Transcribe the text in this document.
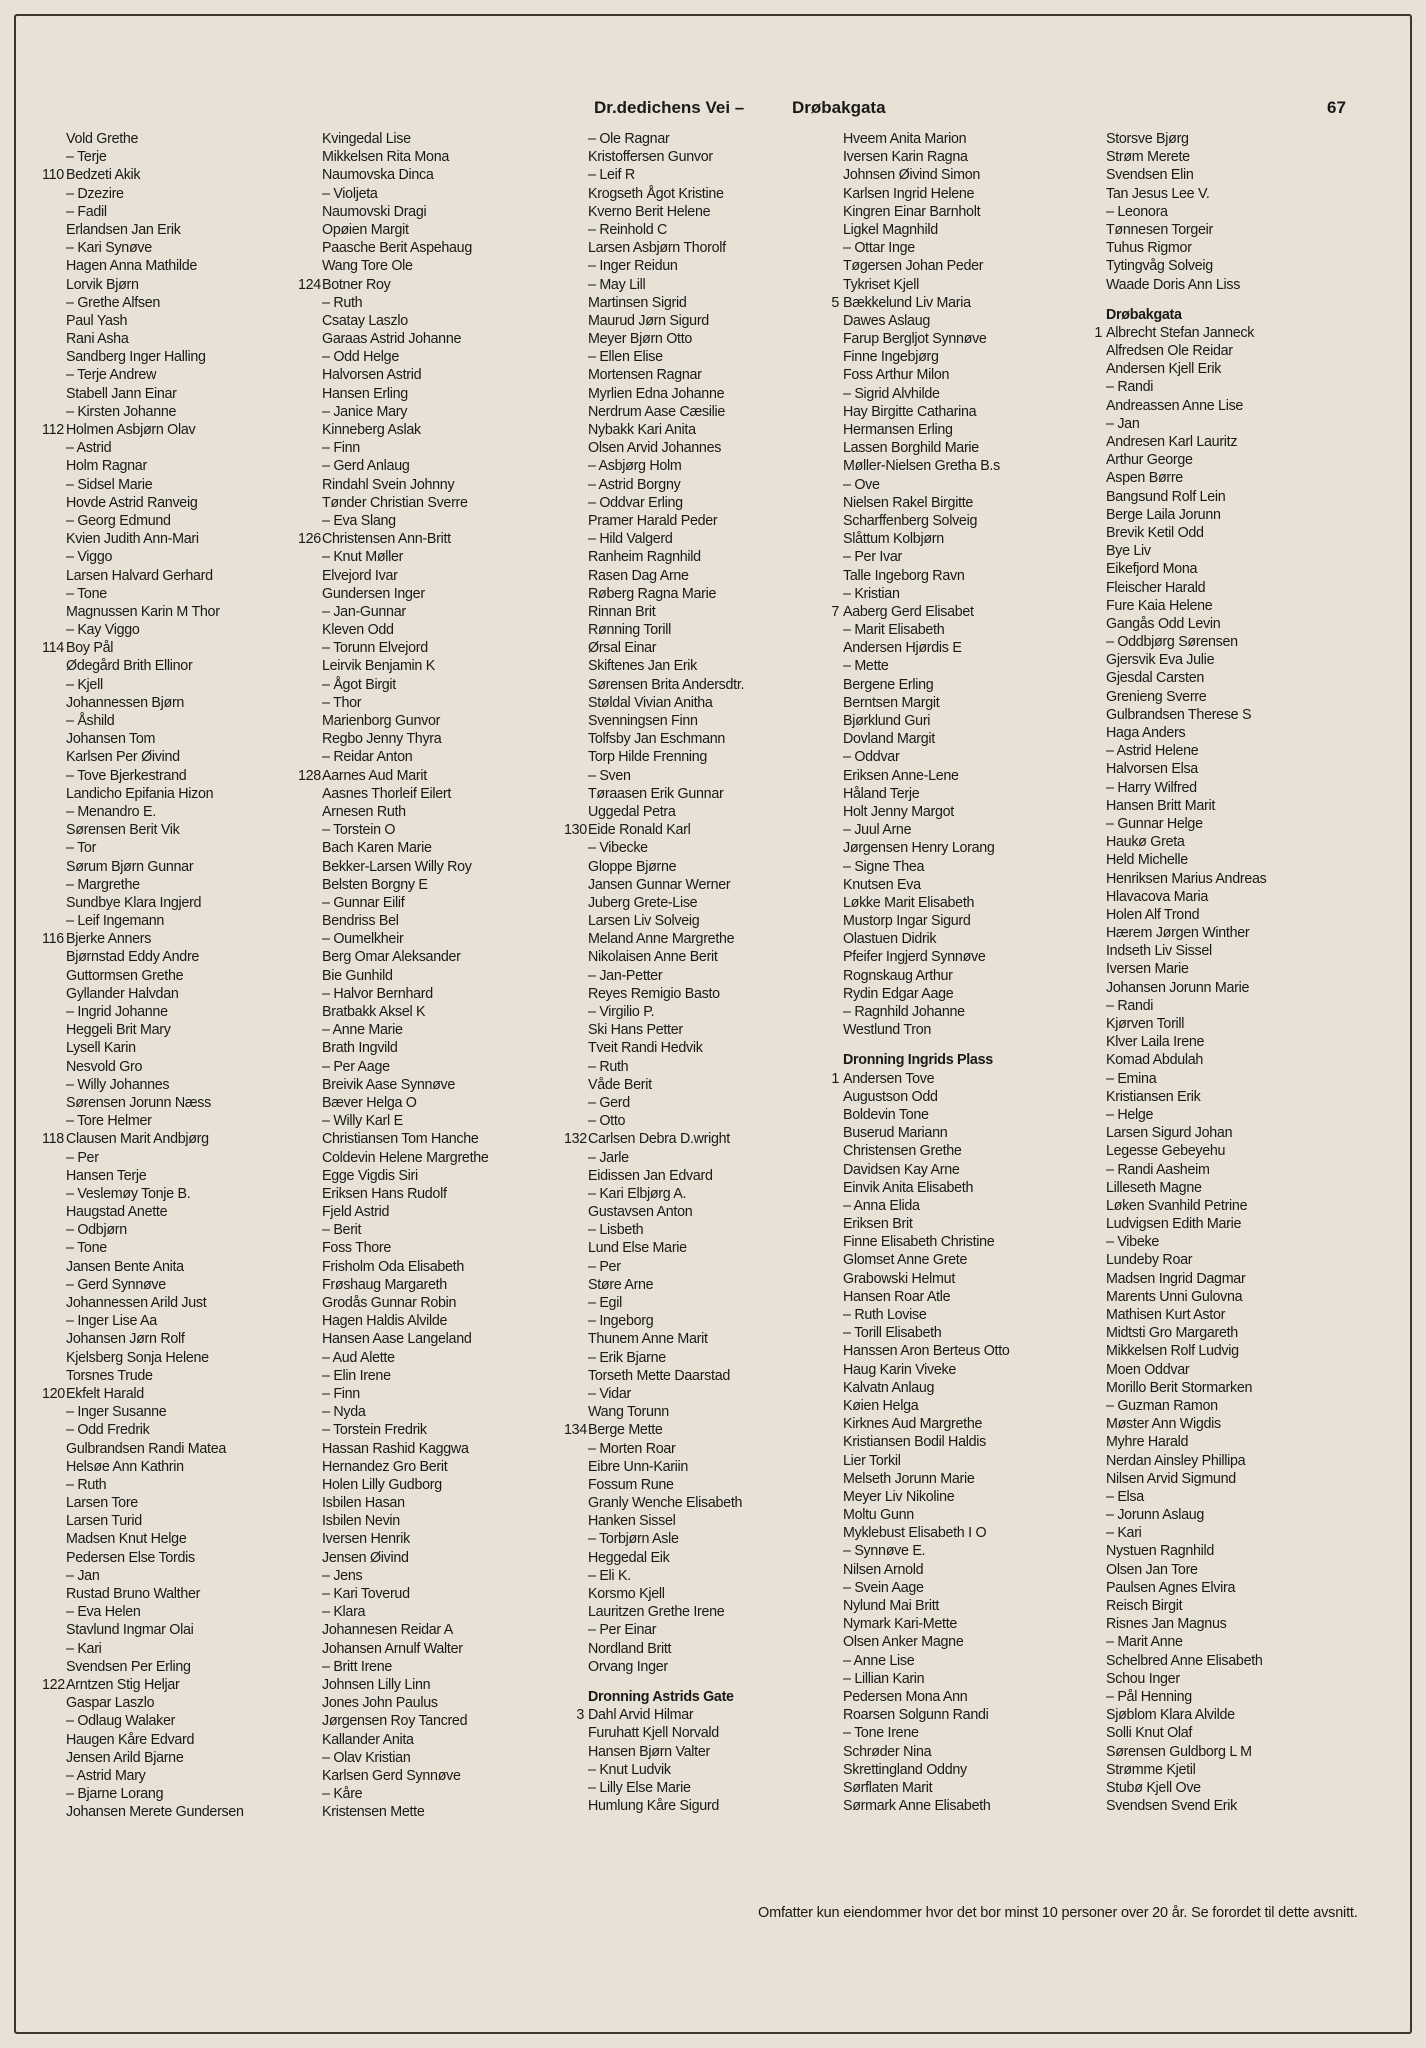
Dr.dedichens Vei –	Drøbakgata	67
Vold Grethe
– Terje
110 Bedzeti Akik
– Dzezire
– Fadil
Erlandsen Jan Erik
– Kari Synøve
Hagen Anna Mathilde
Lorvik Bjørn
– Grethe Alfsen
Paul Yash
Rani Asha
Sandberg Inger Halling
– Terje Andrew
Stabell Jann Einar
– Kirsten Johanne
112 Holmen Asbjørn Olav
– Astrid
Holm Ragnar
– Sidsel Marie
Hovde Astrid Ranveig
– Georg Edmund
Kvien Judith Ann-Mari
– Viggo
Larsen Halvard Gerhard
– Tone
Magnussen Karin M Thor
– Kay Viggo
114 Boy Pål
Ødegård Brith Ellinor
– Kjell
Johannessen Bjørn
– Åshild
Johansen Tom
Karlsen Per Øivind
– Tove Bjerkestrand
Landicho Epifania Hizon
– Menandro E.
Sørensen Berit Vik
– Tor
Sørum Bjørn Gunnar
– Margrethe
Sundbye Klara Ingjerd
– Leif Ingemann
116 Bjerke Anners
Bjørnstad Eddy Andre
Guttormsen Grethe
Gyllander Halvdan
– Ingrid Johanne
Heggeli Brit Mary
Lysell Karin
Nesvold Gro
– Willy Johannes
Sørensen Jorunn Næss
– Tore Helmer
118 Clausen Marit Andbjørg
– Per
Hansen Terje
– Veslemøy Tonje B.
Haugstad Anette
– Odbjørn
– Tone
Jansen Bente Anita
– Gerd Synnøve
Johannessen Arild Just
– Inger Lise Aa
Johansen Jørn Rolf
Kjelsberg Sonja Helene
Torsnes Trude
120 Ekfelt Harald
– Inger Susanne
– Odd Fredrik
Gulbrandsen Randi Matea
Helsøe Ann Kathrin
– Ruth
Larsen Tore
Larsen Turid
Madsen Knut Helge
Pedersen Else Tordis
– Jan
Rustad Bruno Walther
– Eva Helen
Stavlund Ingmar Olai
– Kari
Svendsen Per Erling
122 Arntzen Stig Heljar
Gaspar Laszlo
– Odlaug Walaker
Haugen Kåre Edvard
Jensen Arild Bjarne
– Astrid Mary
– Bjarne Lorang
Johansen Merete Gundersen
Kvingedal Lise
Mikkelsen Rita Mona
Naumovska Dinca
– Violjeta
Naumovski Dragi
Opøien Margit
Paasche Berit Aspehaug
Wang Tore Ole
124 Botner Roy
– Ruth
Csatay Laszlo
Garaas Astrid Johanne
– Odd Helge
Halvorsen Astrid
Hansen Erling
– Janice Mary
Kinneberg Aslak
– Finn
– Gerd Anlaug
Rindahl Svein Johnny
Tønder Christian Sverre
– Eva Slang
126 Christensen Ann-Britt
– Knut Møller
Elvejord Ivar
Gundersen Inger
– Jan-Gunnar
Kleven Odd
– Torunn Elvejord
Leirvik Benjamin K
– Ågot Birgit
– Thor
Marienborg Gunvor
Regbo Jenny Thyra
– Reidar Anton
128 Aarnes Aud Marit
Aasnes Thorleif Eilert
Arnesen Ruth
– Torstein O
Bach Karen Marie
Bekker-Larsen Willy Roy
Belsten Borgny E
– Gunnar Eilif
Bendriss Bel
– Oumelkheir
Berg Omar Aleksander
Bie Gunhild
– Halvor Bernhard
Bratbakk Aksel K
– Anne Marie
Brath Ingvild
– Per Aage
Breivik Aase Synnøve
Bæver Helga O
– Willy Karl E
Christiansen Tom Hanche
Coldevin Helene Margrethe
Egge Vigdis Siri
Eriksen Hans Rudolf
Fjeld Astrid
– Berit
Foss Thore
Frisholm Oda Elisabeth
Frøshaug Margareth
Grodås Gunnar Robin
Hagen Haldis Alvilde
Hansen Aase Langeland
– Aud Alette
– Elin Irene
– Finn
– Nyda
– Torstein Fredrik
Hassan Rashid Kaggwa
Hernandez Gro Berit
Holen Lilly Gudborg
Isbilen Hasan
Isbilen Nevin
Iversen Henrik
Jensen Øivind
– Jens
– Kari Toverud
– Klara
Johannesen Reidar A
Johansen Arnulf Walter
– Britt Irene
Johnsen Lilly Linn
Jones John Paulus
Jørgensen Roy Tancred
Kallander Anita
– Olav Kristian
Karlsen Gerd Synnøve
– Kåre
Kristensen Mette
– Ole Ragnar
Kristoffersen Gunvor
– Leif R
Krogseth Ågot Kristine
Kverno Berit Helene
– Reinhold C
Larsen Asbjørn Thorolf
– Inger Reidun
– May Lill
Martinsen Sigrid
Maurud Jørn Sigurd
Meyer Bjørn Otto
– Ellen Elise
Mortensen Ragnar
Myrlien Edna Johanne
Nerdrum Aase Cæsilie
Nybakk Kari Anita
Olsen Arvid Johannes
– Asbjørg Holm
– Astrid Borgny
– Oddvar Erling
Pramer Harald Peder
– Hild Valgerd
Ranheim Ragnhild
Rasen Dag Arne
Røberg Ragna Marie
Rinnan Brit
Rønning Torill
Ørsal Einar
Skiftenes Jan Erik
Sørensen Brita Andersdtr.
Støldal Vivian Anitha
Svenningsen Finn
Tolfsby Jan Eschmann
Torp Hilde Frenning
– Sven
Tøraasen Erik Gunnar
Uggedal Petra
130 Eide Ronald Karl
– Vibecke
Gloppe Bjørne
Jansen Gunnar Werner
Juberg Grete-Lise
Larsen Liv Solveig
Meland Anne Margrethe
Nikolaisen Anne Berit
– Jan-Petter
Reyes Remigio Basto
– Virgilio P.
Ski Hans Petter
Tveit Randi Hedvik
– Ruth
Våde Berit
– Gerd
– Otto
132 Carlsen Debra D.wright
– Jarle
Eidissen Jan Edvard
– Kari Elbjørg A.
Gustavsen Anton
– Lisbeth
Lund Else Marie
– Per
Støre Arne
– Egil
– Ingeborg
Thunem Anne Marit
– Erik Bjarne
Torseth Mette Daarstad
– Vidar
Wang Torunn
134 Berge Mette
– Morten Roar
Eibre Unn-Kariin
Fossum Rune
Granly Wenche Elisabeth
Hanken Sissel
– Torbjørn Asle
Heggedal Eik
– Eli K.
Korsmo Kjell
Lauritzen Grethe Irene
– Per Einar
Nordland Britt
Orvang Inger
Dronning Astrids Gate
3 Dahl Arvid Hilmar
Furuhatt Kjell Norvald
Hansen Bjørn Valter
– Knut Ludvik
– Lilly Else Marie
Humlung Kåre Sigurd
Hveem Anita Marion
Iversen Karin Ragna
Johnsen Øivind Simon
Karlsen Ingrid Helene
Kingren Einar Barnholt
Ligkel Magnhild
– Ottar Inge
Tøgersen Johan Peder
Tykriset Kjell
5 Bækkelund Liv Maria
Dawes Aslaug
Farup Bergljot Synnøve
Finne Ingebjørg
Foss Arthur Milon
– Sigrid Alvhilde
Hay Birgitte Catharina
Hermansen Erling
Lassen Borghild Marie
Møller-Nielsen Gretha B.s
– Ove
Nielsen Rakel Birgitte
Scharffenberg Solveig
Slåttum Kolbjørn
– Per Ivar
Talle Ingeborg Ravn
– Kristian
7 Aaberg Gerd Elisabet
– Marit Elisabeth
Andersen Hjørdis E
– Mette
Bergene Erling
Berntsen Margit
Bjørklund Guri
Dovland Margit
– Oddvar
Eriksen Anne-Lene
Håland Terje
Holt Jenny Margot
– Juul Arne
Jørgensen Henry Lorang
– Signe Thea
Knutsen Eva
Løkke Marit Elisabeth
Mustorp Ingar Sigurd
Olastuen Didrik
Pfeifer Ingjerd Synnøve
Rognskaug Arthur
Rydin Edgar Aage
– Ragnhild Johanne
Westlund Tron
Dronning Ingrids Plass
1 Andersen Tove
Augustson Odd
Boldevin Tone
Buserud Mariann
Christensen Grethe
Davidsen Kay Arne
Einvik Anita Elisabeth
– Anna Elida
Eriksen Brit
Finne Elisabeth Christine
Glomset Anne Grete
Grabowski Helmut
Hansen Roar Atle
– Ruth Lovise
– Torill Elisabeth
Hanssen Aron Berteus Otto
Haug Karin Viveke
Kalvatn Anlaug
Køien Helga
Kirknes Aud Margrethe
Kristiansen Bodil Haldis
Lier Torkil
Melseth Jorunn Marie
Meyer Liv Nikoline
Moltu Gunn
Myklebust Elisabeth I O
– Synnøve E.
Nilsen Arnold
– Svein Aage
Nylund Mai Britt
Nymark Kari-Mette
Olsen Anker Magne
– Anne Lise
– Lillian Karin
Pedersen Mona Ann
Roarsen Solgunn Randi
– Tone Irene
Schrøder Nina
Skrettingland Oddny
Sørflaten Marit
Sørmark Anne Elisabeth
Storsve Bjørg
Strøm Merete
Svendsen Elin
Tan Jesus Lee V.
– Leonora
Tønnesen Torgeir
Tuhus Rigmor
Tytingvåg Solveig
Waade Doris Ann Liss
Drøbakgata
1 Albrecht Stefan Janneck
Alfredsen Ole Reidar
Andersen Kjell Erik
– Randi
Andreassen Anne Lise
– Jan
Andresen Karl Lauritz
Arthur George
Aspen Børre
Bangsund Rolf Lein
Berge Laila Jorunn
Brevik Ketil Odd
Bye Liv
Eikefjord Mona
Fleischer Harald
Fure Kaia Helene
Gangås Odd Levin
– Oddbjørg Sørensen
Gjersvik Eva Julie
Gjesdal Carsten
Grenieng Sverre
Gulbrandsen Therese S
Haga Anders
– Astrid Helene
Halvorsen Elsa
– Harry Wilfred
Hansen Britt Marit
– Gunnar Helge
Haukø Greta
Held Michelle
Henriksen Marius Andreas
Hlavacova Maria
Holen Alf Trond
Hærem Jørgen Winther
Indseth Liv Sissel
Iversen Marie
Johansen Jorunn Marie
– Randi
Kjørven Torill
Klver Laila Irene
Komad Abdulah
– Emina
Kristiansen Erik
– Helge
Larsen Sigurd Johan
Legesse Gebeyehu
– Randi Aasheim
Lilleseth Magne
Løken Svanhild Petrine
Ludvigsen Edith Marie
– Vibeke
Lundeby Roar
Madsen Ingrid Dagmar
Marents Unni Gulovna
Mathisen Kurt Astor
Midtsti Gro Margareth
Mikkelsen Rolf Ludvig
Moen Oddvar
Morillo Berit Stormarken
– Guzman Ramon
Møster Ann Wigdis
Myhre Harald
Nerdan Ainsley Phillipa
Nilsen Arvid Sigmund
– Elsa
– Jorunn Aslaug
– Kari
Nystuen Ragnhild
Olsen Jan Tore
Paulsen Agnes Elvira
Reisch Birgit
Risnes Jan Magnus
– Marit Anne
Schelbred Anne Elisabeth
Schou Inger
– Pål Henning
Sjøblom Klara Alvilde
Solli Knut Olaf
Sørensen Guldborg L M
Strømme Kjetil
Stubø Kjell Ove
Svendsen Svend Erik
Omfatter kun eiendommer hvor det bor minst 10 personer over 20 år. Se forordet til dette avsnitt.
